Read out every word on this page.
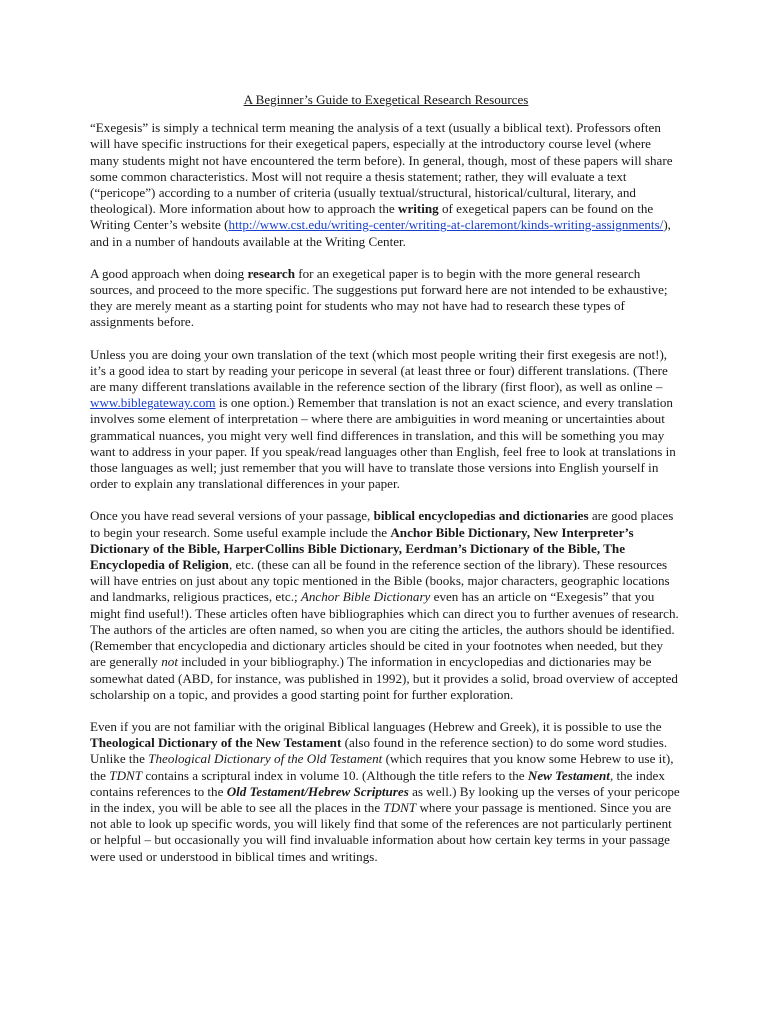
A Beginner’s Guide to Exegetical Research Resources

“Exegesis” is simply a technical term meaning the analysis of a text (usually a biblical text). Professors often will have specific instructions for their exegetical papers, especially at the introductory course level (where many students might not have encountered the term before). In general, though, most of these papers will share some common characteristics. Most will not require a thesis statement; rather, they will evaluate a text (“pericope”) according to a number of criteria (usually textual/structural, historical/cultural, literary, and theological). More information about how to approach the writing of exegetical papers can be found on the Writing Center’s website (http://www.cst.edu/writing-center/writing-at-claremont/kinds-writing-assignments/), and in a number of handouts available at the Writing Center.

A good approach when doing research for an exegetical paper is to begin with the more general research sources, and proceed to the more specific. The suggestions put forward here are not intended to be exhaustive; they are merely meant as a starting point for students who may not have had to research these types of assignments before.

Unless you are doing your own translation of the text (which most people writing their first exegesis are not!), it’s a good idea to start by reading your pericope in several (at least three or four) different translations. (There are many different translations available in the reference section of the library (first floor), as well as online – www.biblegateway.com is one option.) Remember that translation is not an exact science, and every translation involves some element of interpretation – where there are ambiguities in word meaning or uncertainties about grammatical nuances, you might very well find differences in translation, and this will be something you may want to address in your paper. If you speak/read languages other than English, feel free to look at translations in those languages as well; just remember that you will have to translate those versions into English yourself in order to explain any translational differences in your paper.

Once you have read several versions of your passage, biblical encyclopedias and dictionaries are good places to begin your research. Some useful example include the Anchor Bible Dictionary, New Interpreter’s Dictionary of the Bible, HarperCollins Bible Dictionary, Eerdman’s Dictionary of the Bible, The Encyclopedia of Religion, etc. (these can all be found in the reference section of the library). These resources will have entries on just about any topic mentioned in the Bible (books, major characters, geographic locations and landmarks, religious practices, etc.; Anchor Bible Dictionary even has an article on “Exegesis” that you might find useful!). These articles often have bibliographies which can direct you to further avenues of research. The authors of the articles are often named, so when you are citing the articles, the authors should be identified. (Remember that encyclopedia and dictionary articles should be cited in your footnotes when needed, but they are generally not included in your bibliography.) The information in encyclopedias and dictionaries may be somewhat dated (ABD, for instance, was published in 1992), but it provides a solid, broad overview of accepted scholarship on a topic, and provides a good starting point for further exploration.

Even if you are not familiar with the original Biblical languages (Hebrew and Greek), it is possible to use the Theological Dictionary of the New Testament (also found in the reference section) to do some word studies. Unlike the Theological Dictionary of the Old Testament (which requires that you know some Hebrew to use it), the TDNT contains a scriptural index in volume 10. (Although the title refers to the New Testament, the index contains references to the Old Testament/Hebrew Scriptures as well.) By looking up the verses of your pericope in the index, you will be able to see all the places in the TDNT where your passage is mentioned. Since you are not able to look up specific words, you will likely find that some of the references are not particularly pertinent or helpful – but occasionally you will find invaluable information about how certain key terms in your passage were used or understood in biblical times and writings.
